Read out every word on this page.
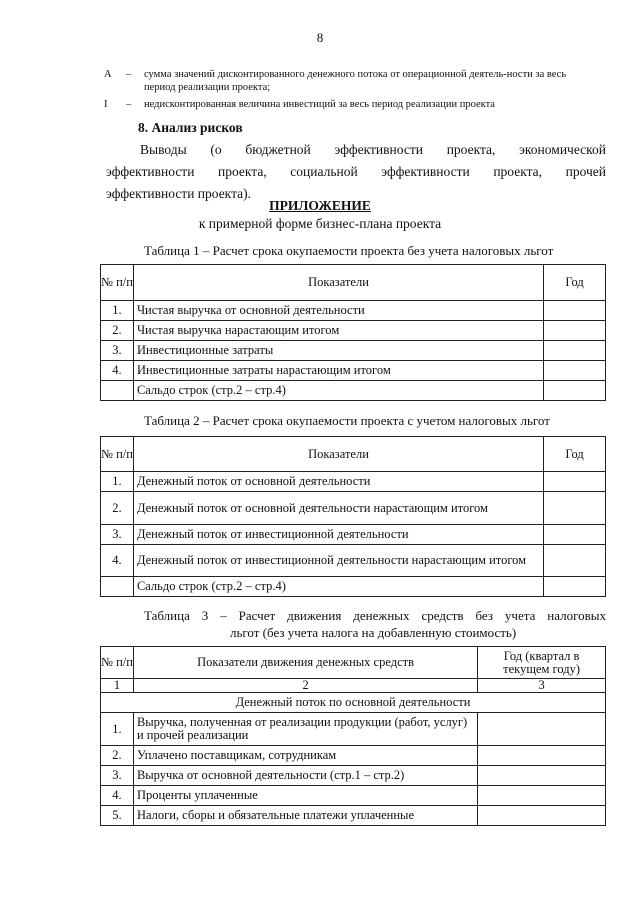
8
А – сумма значений дисконтированного денежного потока от операционной деятель-ности за весь период реализации проекта;
I – недисконтированная величина инвестиций за весь период реализации проекта
8. Анализ рисков
Выводы (о бюджетной эффективности проекта, экономической
эффективности проекта, социальной эффективности проекта, прочей
эффективности проекта).
ПРИЛОЖЕНИЕ
к примерной форме бизнес-плана проекта
Таблица 1 – Расчет срока окупаемости проекта без учета налоговых льгот
№ п/п	Показатели	Год
1.	Чистая выручка от основной деятельности	
2.	Чистая выручка нарастающим итогом	
3.	Инвестиционные затраты	
4.	Инвестиционные затраты нарастающим итогом	
	Сальдо строк (стр.2 – стр.4)	
Таблица 2 – Расчет срока окупаемости проекта с учетом налоговых льгот
№ п/п	Показатели	Год
1.	Денежный поток от основной деятельности	
2.	Денежный поток от основной деятельности нарастающим итогом	
3.	Денежный поток от инвестиционной деятельности	
4.	Денежный поток от инвестиционной деятельности нарастающим итогом	
	Сальдо строк (стр.2 – стр.4)	
Таблица 3 – Расчет движения денежных средств без учета налоговых
льгот (без учета налога на добавленную стоимость)
№ п/п	Показатели движения денежных средств	Год (квартал в текущем году)
1	2	3
Денежный поток по основной деятельности		
1.	Выручка, полученная от реализации продукции (работ, услуг) и прочей реализации	
2.	Уплачено поставщикам, сотрудникам	
3.	Выручка от основной деятельности (стр.1 – стр.2)	
4.	Проценты уплаченные	
5.	Налоги, сборы и обязательные платежи уплаченные	
